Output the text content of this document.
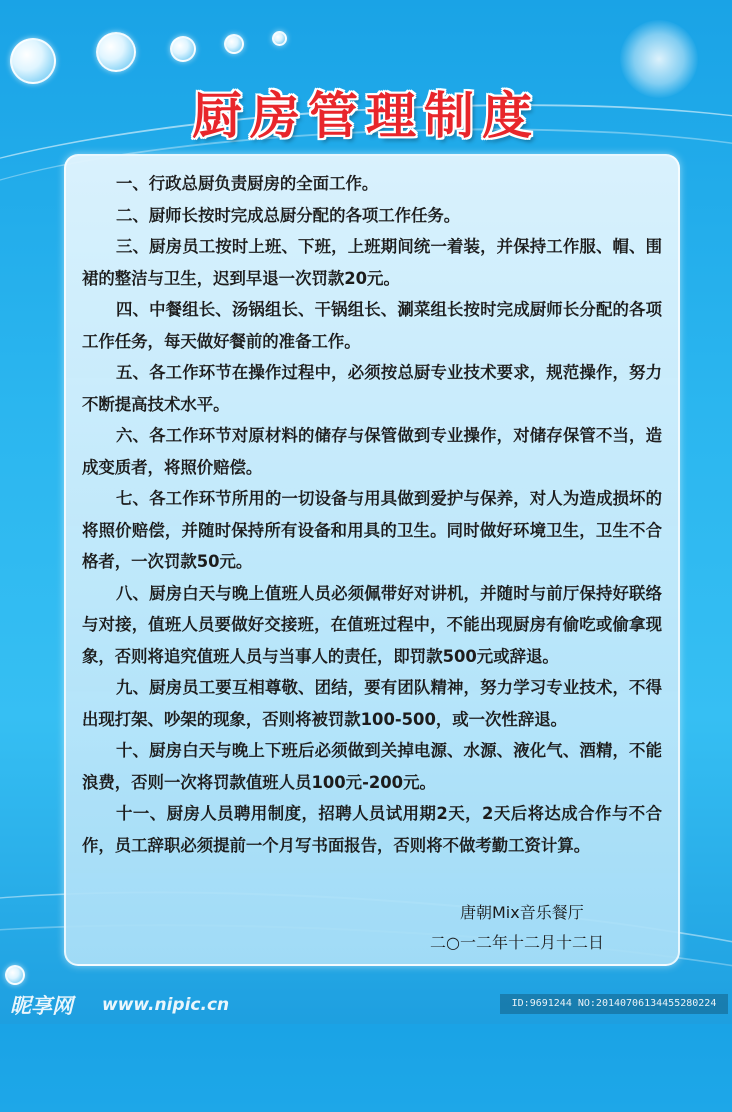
厨房管理制度

一、行政总厨负责厨房的全面工作。

二、厨师长按时完成总厨分配的各项工作任务。

三、厨房员工按时上班、下班，上班期间统一着装，并保持工作服、帽、围裙的整洁与卫生，迟到早退一次罚款20元。

四、中餐组长、汤锅组长、干锅组长、涮菜组长按时完成厨师长分配的各项工作任务，每天做好餐前的准备工作。

五、各工作环节在操作过程中，必须按总厨专业技术要求，规范操作，努力不断提高技术水平。

六、各工作环节对原材料的储存与保管做到专业操作，对储存保管不当，造成变质者，将照价赔偿。

七、各工作环节所用的一切设备与用具做到爱护与保养，对人为造成损坏的将照价赔偿，并随时保持所有设备和用具的卫生。同时做好环境卫生，卫生不合格者，一次罚款50元。

八、厨房白天与晚上值班人员必须佩带好对讲机，并随时与前厅保持好联络与对接，值班人员要做好交接班，在值班过程中，不能出现厨房有偷吃或偷拿现象，否则将追究值班人员与当事人的责任，即罚款500元或辞退。

九、厨房员工要互相尊敬、团结，要有团队精神，努力学习专业技术，不得出现打架、吵架的现象，否则将被罚款100-500，或一次性辞退。

十、厨房白天与晚上下班后必须做到关掉电源、水源、液化气、酒精，不能浪费，否则一次将罚款值班人员100元-200元。

十一、厨房人员聘用制度，招聘人员试用期2天，2天后将达成合作与不合作，员工辞职必须提前一个月写书面报告，否则将不做考勤工资计算。

唐朝Mix音乐餐厅
二○一二年十二月十二日
昵享网 www.nipic.cn	ID:9691244 NO:20140706134455280224
